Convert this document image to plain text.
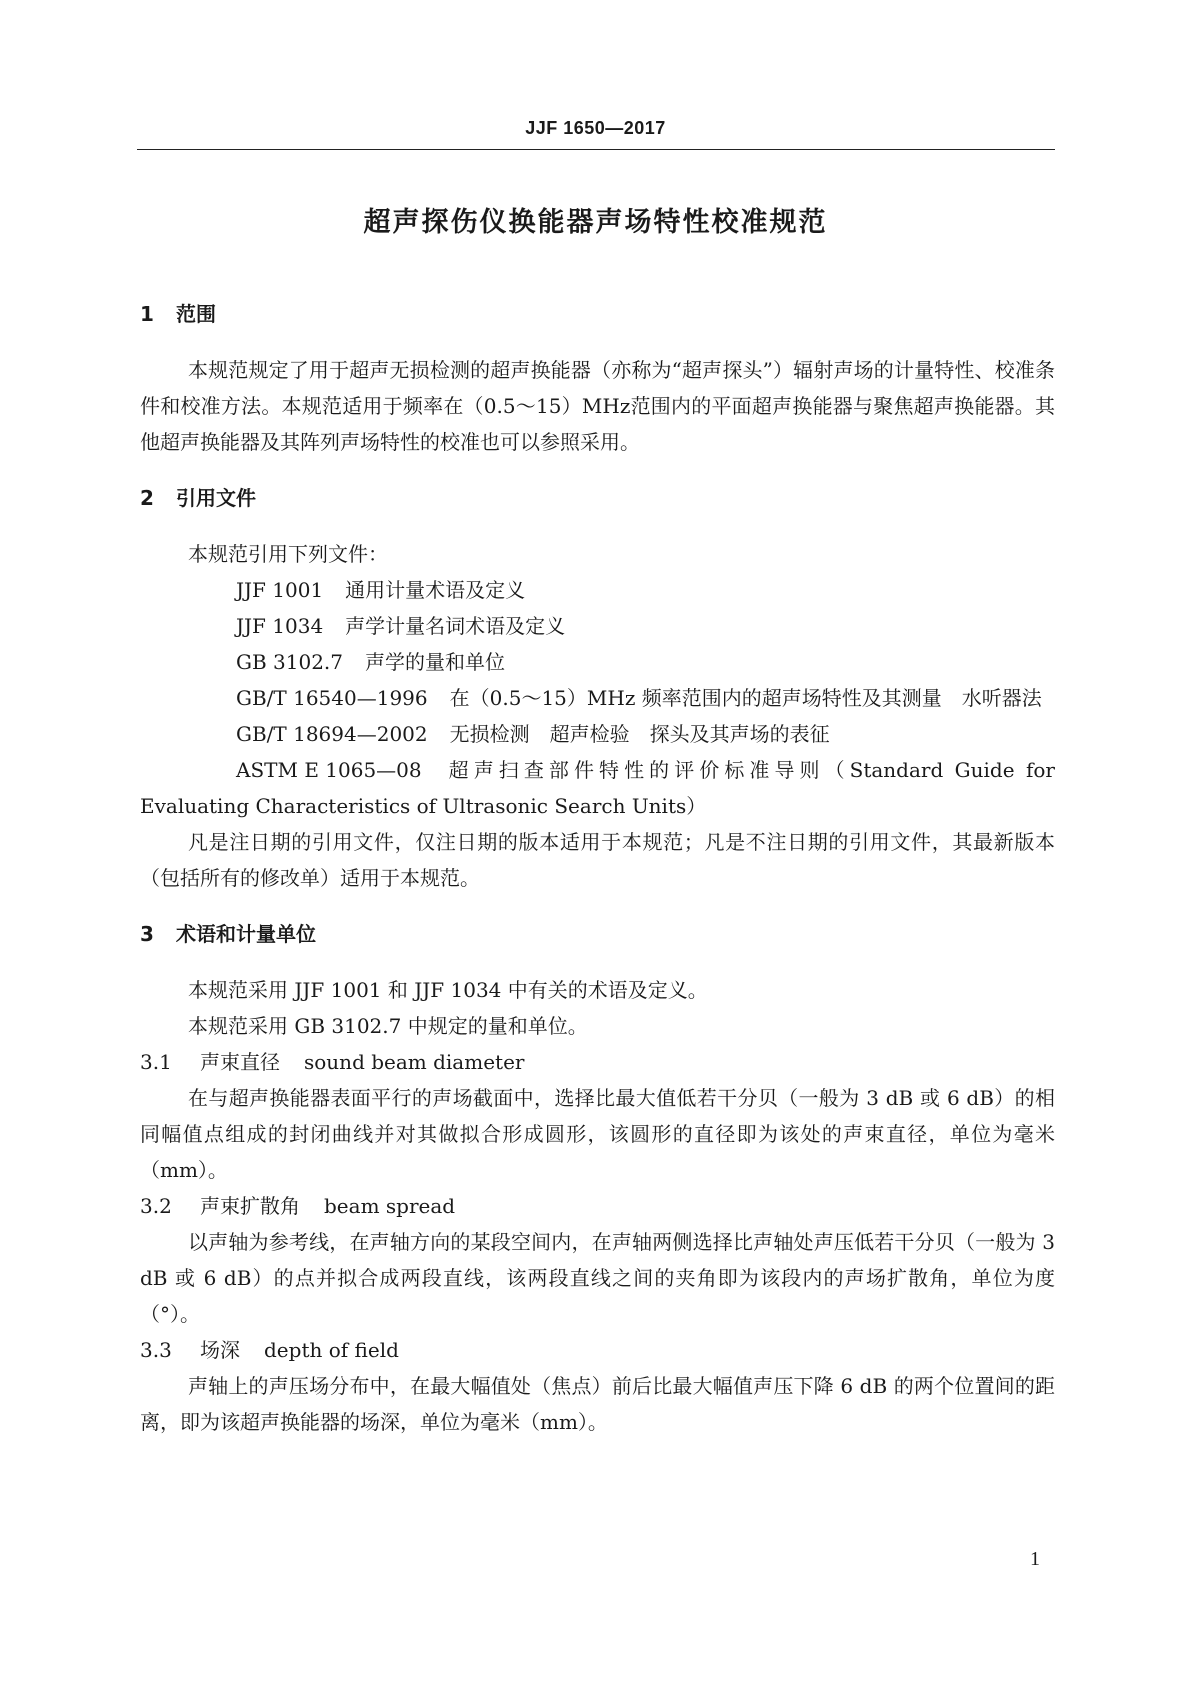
JJF 1650—2017
超声探伤仪换能器声场特性校准规范
1 范围

本规范规定了用于超声无损检测的超声换能器（亦称为“超声探头”）辐射声场的计量特性、校准条件和校准方法。本规范适用于频率在（0.5～15）MHz范围内的平面超声换能器与聚焦超声换能器。其他超声换能器及其阵列声场特性的校准也可以参照采用。

2 引用文件

本规范引用下列文件：

JJF 1001 通用计量术语及定义

JJF 1034 声学计量名词术语及定义

GB 3102.7 声学的量和单位

GB/T 16540—1996 在（0.5～15）MHz 频率范围内的超声场特性及其测量　水听器法

GB/T 18694—2002 无损检测　超声检验　探头及其声场的表征

ASTM E 1065—08 超声扫查部件特性的评价标准导则（Standard Guide for Evaluating Characteristics of Ultrasonic Search Units）

凡是注日期的引用文件，仅注日期的版本适用于本规范；凡是不注日期的引用文件，其最新版本（包括所有的修改单）适用于本规范。

3 术语和计量单位

本规范采用 JJF 1001 和 JJF 1034 中有关的术语及定义。

本规范采用 GB 3102.7 中规定的量和单位。

3.1 声束直径 sound beam diameter

在与超声换能器表面平行的声场截面中，选择比最大值低若干分贝（一般为 3 dB 或 6 dB）的相同幅值点组成的封闭曲线并对其做拟合形成圆形，该圆形的直径即为该处的声束直径，单位为毫米（mm）。

3.2 声束扩散角 beam spread

以声轴为参考线，在声轴方向的某段空间内，在声轴两侧选择比声轴处声压低若干分贝（一般为 3 dB 或 6 dB）的点并拟合成两段直线，该两段直线之间的夹角即为该段内的声场扩散角，单位为度（°）。

3.3 场深 depth of field

声轴上的声压场分布中，在最大幅值处（焦点）前后比最大幅值声压下降 6 dB 的两个位置间的距离，即为该超声换能器的场深，单位为毫米（mm）。

1
